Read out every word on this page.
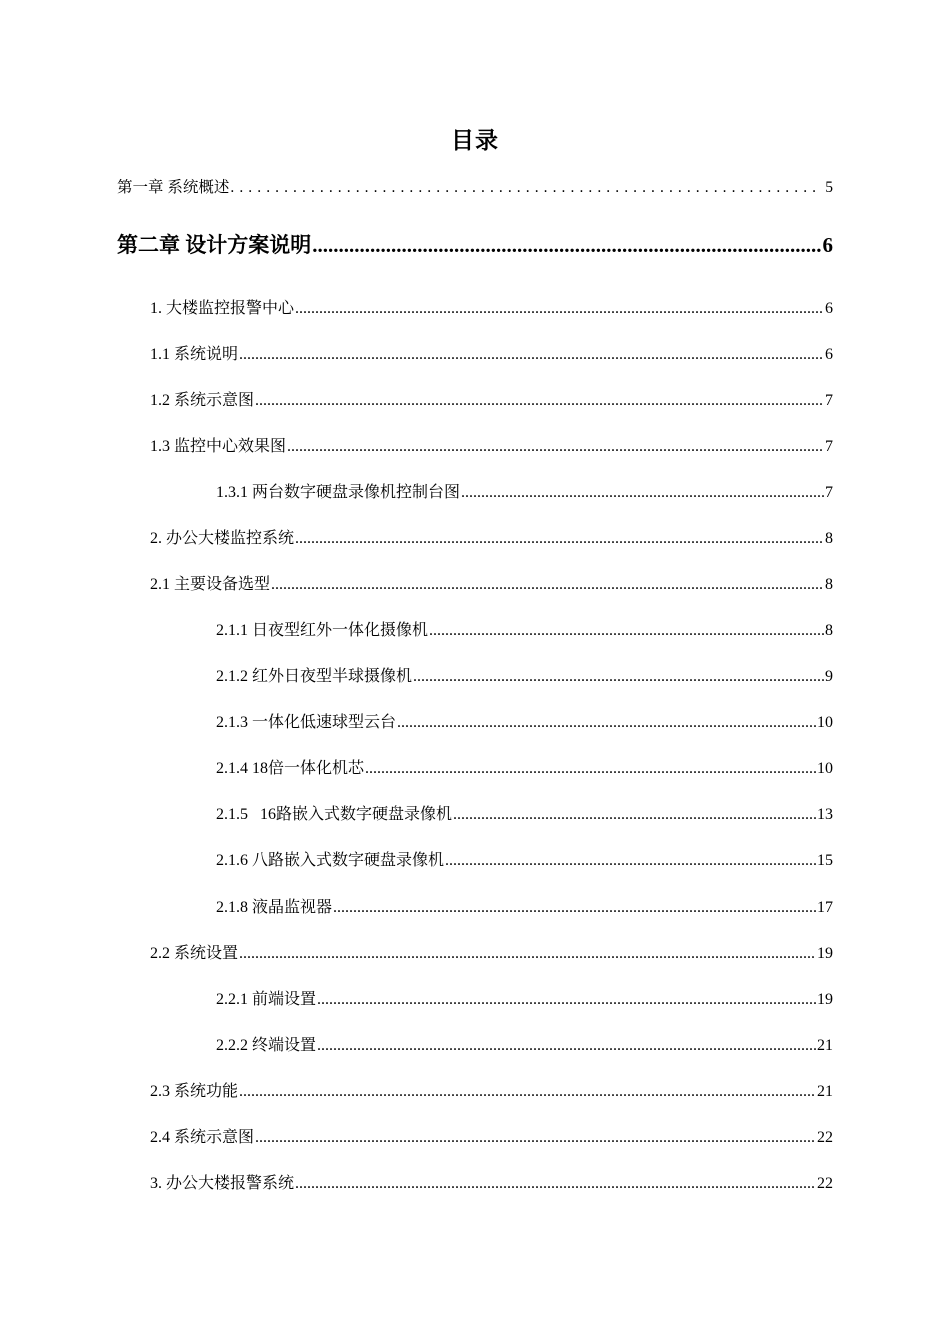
目录
第一章 系统概述 . . .	5
第二章 设计方案说明 .....	6
1. 大楼监控报警中心 .....	6
1.1 系统说明 .....	6
1.2 系统示意图 .....	7
1.3 监控中心效果图 .....	7
1.3.1 两台数字硬盘录像机控制台图 .....	7
2. 办公大楼监控系统 .....	8
2.1 主要设备选型 .....	8
2.1.1 日夜型红外一体化摄像机 .....	8
2.1.2 红外日夜型半球摄像机 .....	9
2.1.3 一体化低速球型云台 .....	10
2.1.4 18倍一体化机芯 .....	10
2.1.5   16路嵌入式数字硬盘录像机 .....	13
2.1.6 八路嵌入式数字硬盘录像机 .....	15
2.1.8 液晶监视器 .....	17
2.2 系统设置 .....	19
2.2.1 前端设置 .....	19
2.2.2 终端设置 .....	21
2.3 系统功能 .....	21
2.4 系统示意图 .....	22
3. 办公大楼报警系统 .....	22
